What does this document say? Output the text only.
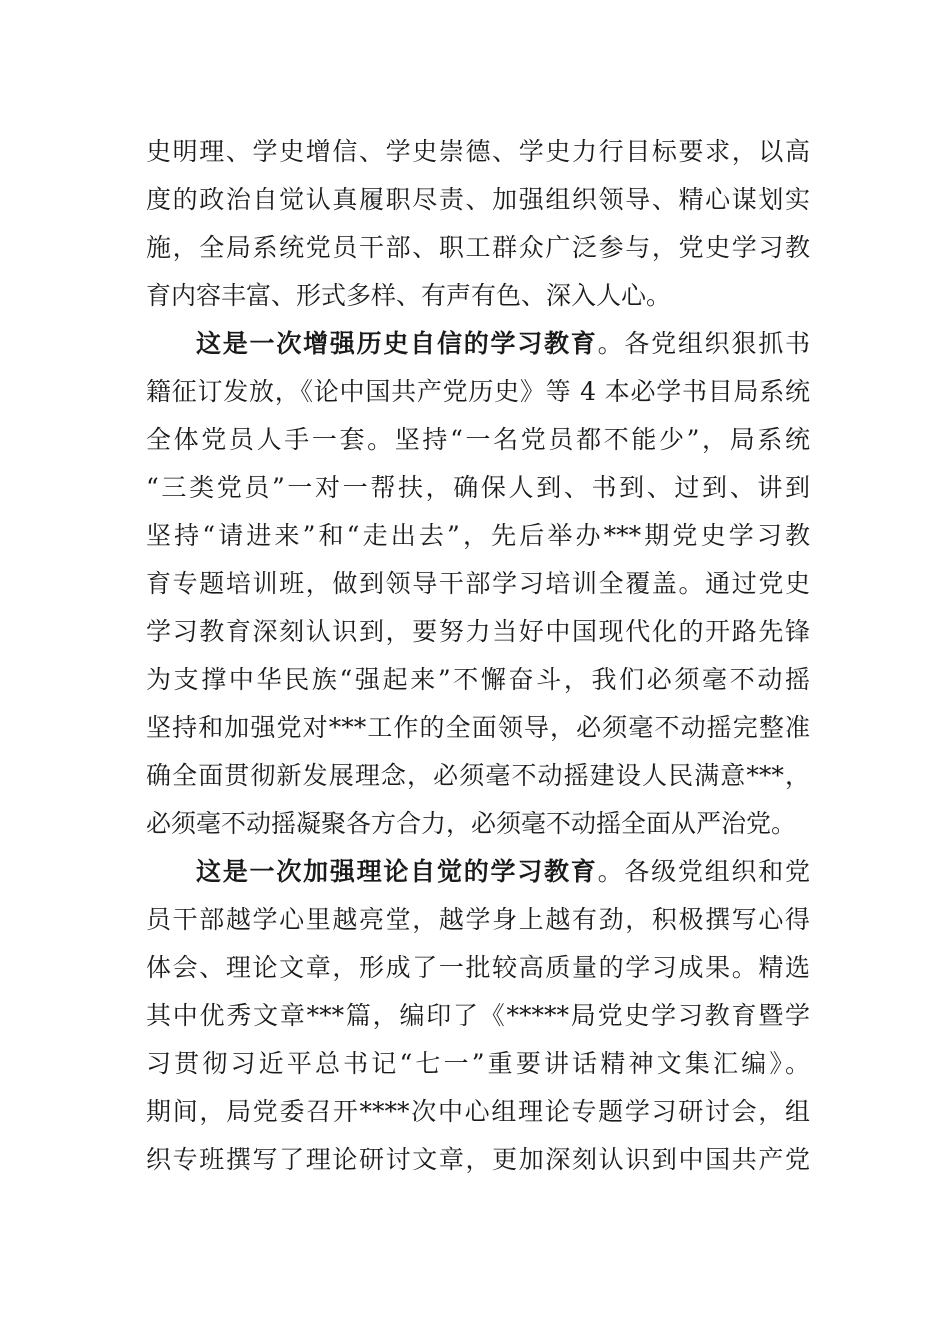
史明理、学史增信、学史崇德、学史力行目标要求，以高
度的政治自觉认真履职尽责、加强组织领导、精心谋划实
施，全局系统党员干部、职工群众广泛参与，党史学习教
育内容丰富、形式多样、有声有色、深入人心。
这是一次增强历史自信的学习教育。各党组织狠抓书
籍征订发放，《论中国共产党历史》等 4 本必学书目局系统
全体党员人手一套。坚持“一名党员都不能少”，局系统
“三类党员”一对一帮扶，确保人到、书到、过到、讲到
坚持“请进来”和“走出去”，先后举办***期党史学习教
育专题培训班，做到领导干部学习培训全覆盖。通过党史
学习教育深刻认识到，要努力当好中国现代化的开路先锋
为支撑中华民族“强起来”不懈奋斗，我们必须毫不动摇
坚持和加强党对***工作的全面领导，必须毫不动摇完整准
确全面贯彻新发展理念，必须毫不动摇建设人民满意***，
必须毫不动摇凝聚各方合力，必须毫不动摇全面从严治党。
这是一次加强理论自觉的学习教育。各级党组织和党
员干部越学心里越亮堂，越学身上越有劲，积极撰写心得
体会、理论文章，形成了一批较高质量的学习成果。精选
其中优秀文章***篇，编印了《*****局党史学习教育暨学
习贯彻习近平总书记“七一”重要讲话精神文集汇编》。
期间，局党委召开****次中心组理论专题学习研讨会，组
织专班撰写了理论研讨文章，更加深刻认识到中国共产党
